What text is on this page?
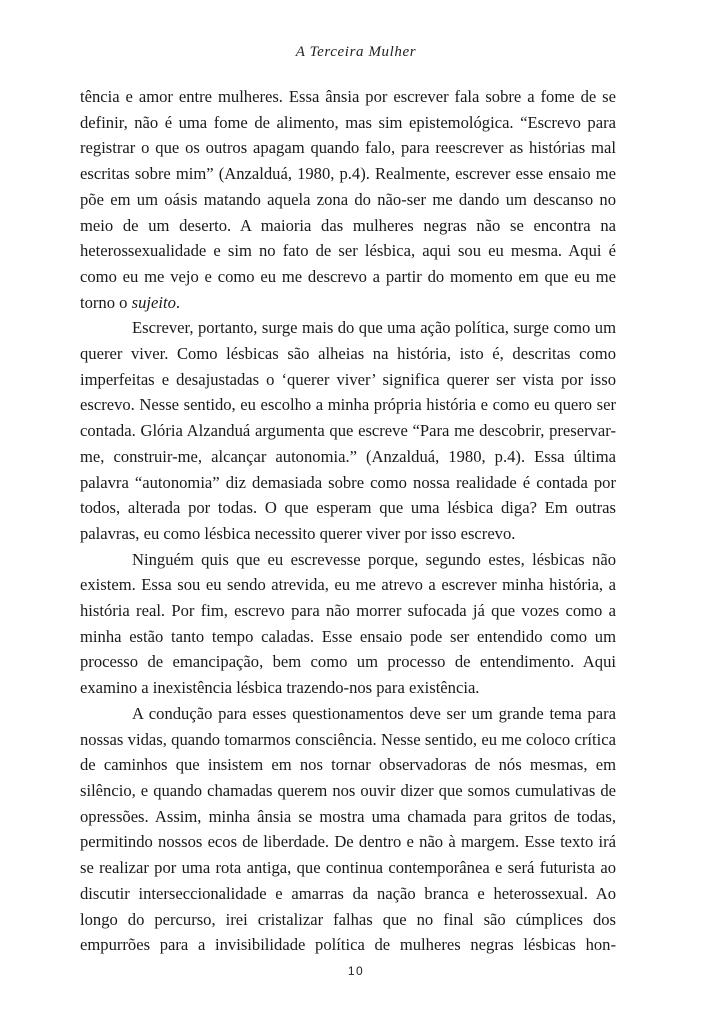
A Terceira Mulher

tência e amor entre mulheres. Essa ânsia por escrever fala sobre a fome de se definir, não é uma fome de alimento, mas sim epistemológica. “Escrevo para registrar o que os outros apagam quando falo, para reescrever as histórias mal escritas sobre mim” (Anzalduá, 1980, p.4). Realmente, escrever esse ensaio me põe em um oásis matando aquela zona do não-ser me dando um descanso no meio de um deserto. A maioria das mulheres negras não se encontra na heterossexualidade e sim no fato de ser lésbica, aqui sou eu mesma. Aqui é como eu me vejo e como eu me descrevo a partir do momento em que eu me torno o sujeito.

Escrever, portanto, surge mais do que uma ação política, surge como um querer viver. Como lésbicas são alheias na história, isto é, descritas como imperfeitas e desajustadas o ‘querer viver’ significa querer ser vista por isso escrevo. Nesse sentido, eu escolho a minha própria história e como eu quero ser contada. Glória Alzanduá argumenta que escreve “Para me descobrir, preservar-me, construir-me, alcançar autonomia.” (Anzalduá, 1980, p.4). Essa última palavra “autonomia” diz demasiada sobre como nossa realidade é contada por todos, alterada por todas. O que esperam que uma lésbica diga? Em outras palavras, eu como lésbica necessito querer viver por isso escrevo.

Ninguém quis que eu escrevesse porque, segundo estes, lésbicas não existem. Essa sou eu sendo atrevida, eu me atrevo a escrever minha história, a história real. Por fim, escrevo para não morrer sufocada já que vozes como a minha estão tanto tempo caladas. Esse ensaio pode ser entendido como um processo de emancipação, bem como um processo de entendimento. Aqui examino a inexistência lésbica trazendo-nos para existência.

A condução para esses questionamentos deve ser um grande tema para nossas vidas, quando tomarmos consciência. Nesse sentido, eu me coloco crítica de caminhos que insistem em nos tornar observadoras de nós mesmas, em silêncio, e quando chamadas querem nos ouvir dizer que somos cumulativas de opressões. Assim, minha ânsia se mostra uma chamada para gritos de todas, permitindo nossos ecos de liberdade. De dentro e não à margem. Esse texto irá se realizar por uma rota antiga, que continua contemporânea e será futurista ao discutir interseccionalidade e amarras da nação branca e heterossexual. Ao longo do percurso, irei cristalizar falhas que no final são cúmplices dos empurrões para a invisibilidade política de mulheres negras lésbicas hon-

10
